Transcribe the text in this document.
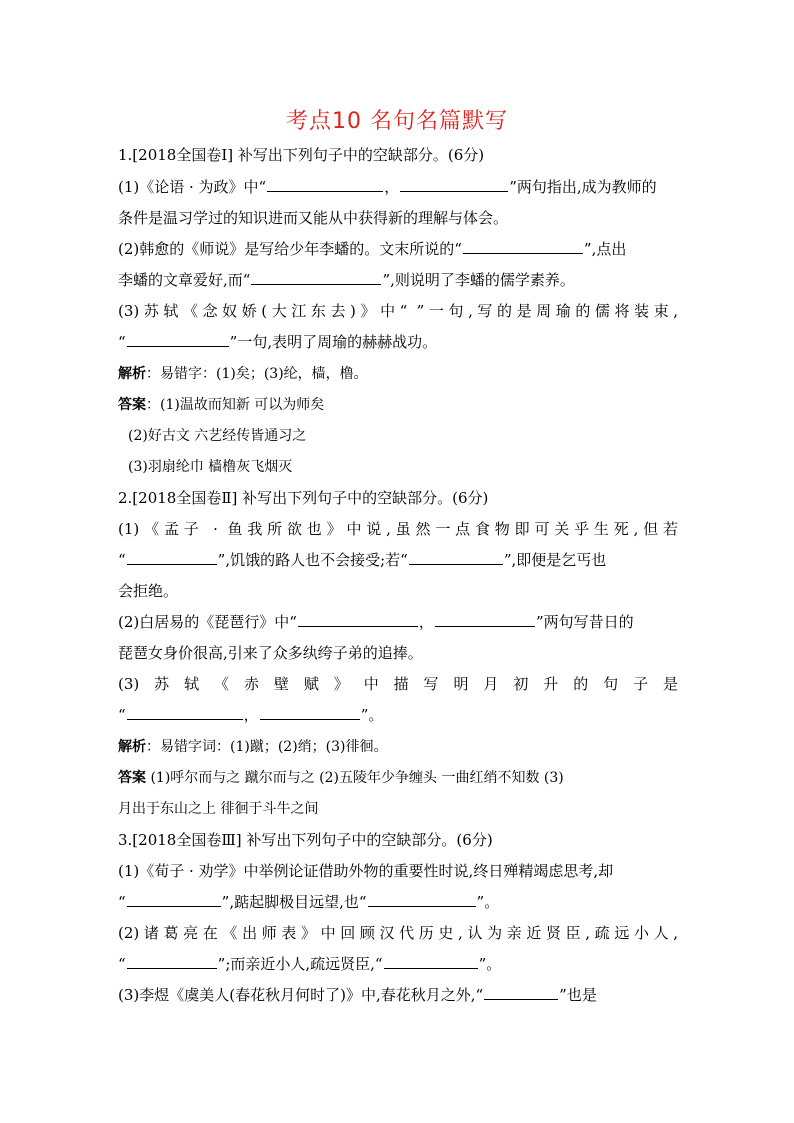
考点10 名句名篇默写
1.[2018全国卷Ⅰ] 补写出下列句子中的空缺部分。(6分)
(1)《论语 · 为政》中“	，	”两句指出,成为教师的
条件是温习学过的知识进而又能从中获得新的理解与体会。
(2)韩愈的《师说》是写给少年李蟠的。文末所说的“	”,点出
李蟠的文章爱好,而“	”,则说明了李蟠的儒学素养。
(3)苏轼《念奴娇(大江东去)》中“ ”一句,写的是周瑜的儒将装束,
“	”一句,表明了周瑜的赫赫战功。
解析：易错字：(1)矣；(3)纶，樯，橹。
答案：(1)温故而知新 可以为师矣
(2)好古文 六艺经传皆通习之
(3)羽扇纶巾 樯橹灰飞烟灭
2.[2018全国卷Ⅱ] 补写出下列句子中的空缺部分。(6分)
(1)《孟子 · 鱼我所欲也》中说,虽然一点食物即可关乎生死,但若
“	”,饥饿的路人也不会接受;若“	”,即便是乞丐也
会拒绝。
(2)白居易的《琵琶行》中“	，	”两句写昔日的
琵琶女身价很高,引来了众多纨绔子弟的追捧。
(3)苏轼《赤壁赋》中描写明月初升的句子是
“	，	”。
解析：易错字词：(1)蹴；(2)绡；(3)徘徊。
答案 (1)呼尔而与之 蹴尔而与之 (2)五陵年少争缠头 一曲红绡不知数 (3)
月出于东山之上 徘徊于斗牛之间
3.[2018全国卷Ⅲ] 补写出下列句子中的空缺部分。(6分)
(1)《荀子 · 劝学》中举例论证借助外物的重要性时说,终日殚精竭虑思考,却
“	”,踮起脚极目远望,也“	”。
(2)诸葛亮在《出师表》中回顾汉代历史,认为亲近贤臣,疏远小人,
“	”;而亲近小人,疏远贤臣,“	”。
(3)李煜《虞美人(春花秋月何时了)》中,春花秋月之外,“	”也是
